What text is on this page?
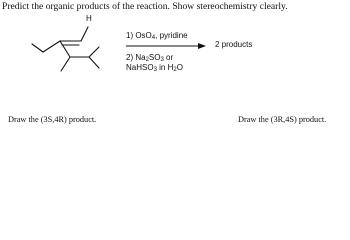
Predict the organic products of the reaction. Show stereochemistry clearly.
H
1) OsO$_4$, pyridine
2 products
2) $Na_2SO_3$ or
NaHSO$_3$ in $H_2O$
Draw the (3S,4R) product.	Draw the (3R,4S) product.
